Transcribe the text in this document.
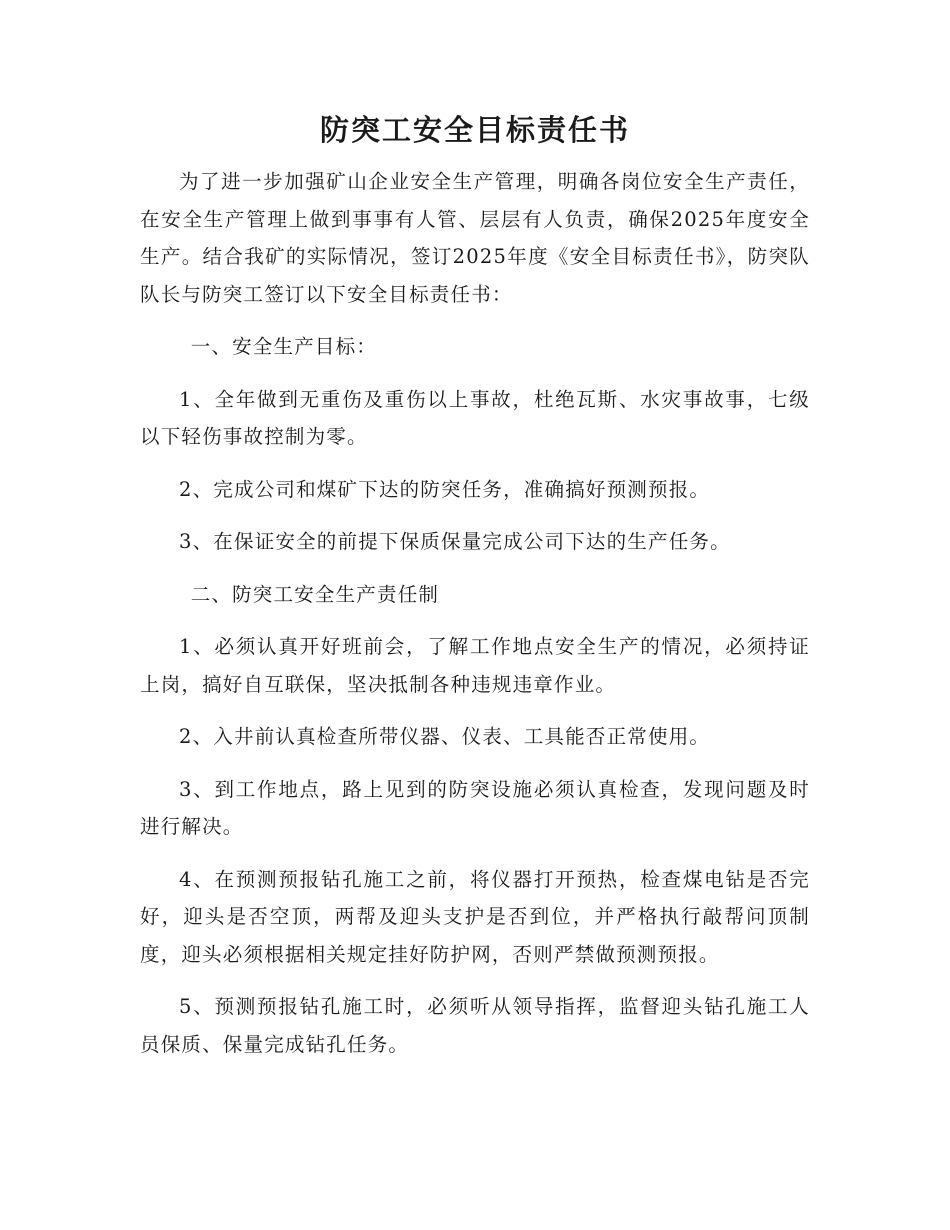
防突工安全目标责任书

为了进一步加强矿山企业安全生产管理，明确各岗位安全生产责任，在安全生产管理上做到事事有人管、层层有人负责，确保2025年度安全生产。结合我矿的实际情况，签订2025年度《安全目标责任书》，防突队队长与防突工签订以下安全目标责任书：

一、安全生产目标：

1、全年做到无重伤及重伤以上事故，杜绝瓦斯、水灾事故事，七级以下轻伤事故控制为零。

2、完成公司和煤矿下达的防突任务，准确搞好预测预报。

3、在保证安全的前提下保质保量完成公司下达的生产任务。

二、防突工安全生产责任制

1、必须认真开好班前会，了解工作地点安全生产的情况，必须持证上岗，搞好自互联保，坚决抵制各种违规违章作业。

2、入井前认真检查所带仪器、仪表、工具能否正常使用。

3、到工作地点，路上见到的防突设施必须认真检查，发现问题及时进行解决。

4、在预测预报钻孔施工之前，将仪器打开预热，检查煤电钻是否完好，迎头是否空顶，两帮及迎头支护是否到位，并严格执行敲帮问顶制度，迎头必须根据相关规定挂好防护网，否则严禁做预测预报。

5、预测预报钻孔施工时，必须听从领导指挥，监督迎头钻孔施工人员保质、保量完成钻孔任务。
